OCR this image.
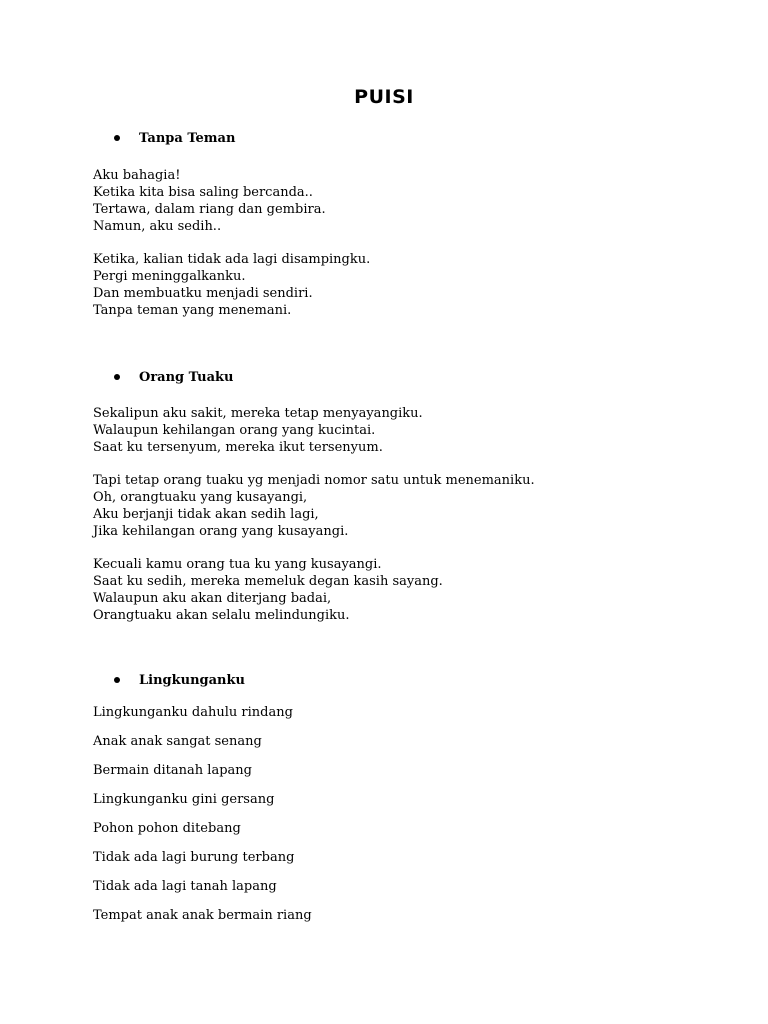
PUISI
Tanpa Teman
Aku bahagia!
Ketika kita bisa saling bercanda..
Tertawa, dalam riang dan gembira.
Namun, aku sedih..
Ketika, kalian tidak ada lagi disampingku.
Pergi meninggalkanku.
Dan membuatku menjadi sendiri.
Tanpa teman yang menemani.
Orang Tuaku
Sekalipun aku sakit, mereka tetap menyayangiku.
Walaupun kehilangan orang yang kucintai.
Saat ku tersenyum, mereka ikut tersenyum.
Tapi tetap orang tuaku yg menjadi nomor satu untuk menemaniku.
Oh, orangtuaku yang kusayangi,
Aku berjanji tidak akan sedih lagi,
Jika kehilangan orang yang kusayangi.
Kecuali kamu orang tua ku yang kusayangi.
Saat ku sedih, mereka memeluk degan kasih sayang.
Walaupun aku akan diterjang badai,
Orangtuaku akan selalu melindungiku.
Lingkunganku
Lingkunganku dahulu rindang
Anak anak sangat senang
Bermain ditanah lapang
Lingkunganku gini gersang
Pohon pohon ditebang
Tidak ada lagi burung terbang
Tidak ada lagi tanah lapang
Tempat anak anak bermain riang
